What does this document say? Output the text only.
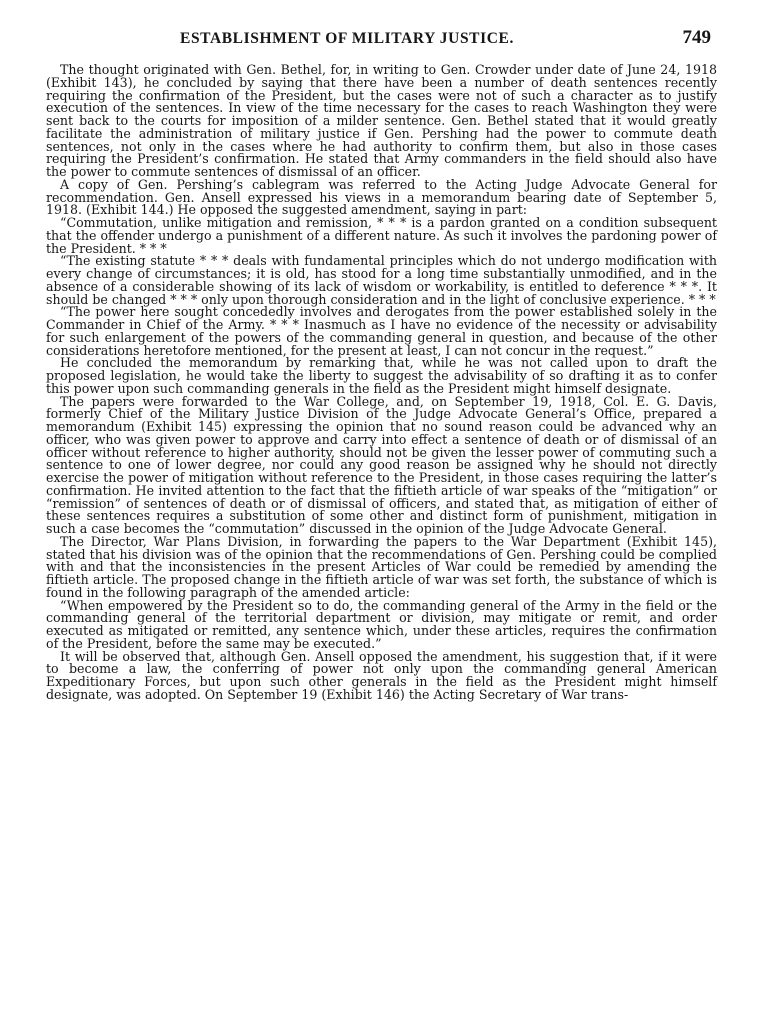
ESTABLISHMENT OF MILITARY JUSTICE.	749

The thought originated with Gen. Bethel, for, in writing to Gen. Crowder under date of June 24, 1918 (Exhibit 143), he concluded by saying that there have been a number of death sentences recently requiring the confirmation of the President, but the cases were not of such a character as to justify execution of the sentences. In view of the time necessary for the cases to reach Washington they were sent back to the courts for imposition of a milder sentence. Gen. Bethel stated that it would greatly facilitate the administration of military justice if Gen. Pershing had the power to commute death sentences, not only in the cases where he had authority to confirm them, but also in those cases requiring the President’s confirmation. He stated that Army commanders in the field should also have the power to commute sentences of dismissal of an officer.

A copy of Gen. Pershing’s cablegram was referred to the Acting Judge Advocate General for recommendation. Gen. Ansell expressed his views in a memorandum bearing date of September 5, 1918. (Exhibit 144.) He opposed the suggested amendment, saying in part:

“Commutation, unlike mitigation and remission, * * * is a pardon granted on a condition subsequent that the offender undergo a punishment of a different nature. As such it involves the pardoning power of the President. * * *

“The existing statute * * * deals with fundamental principles which do not undergo modification with every change of circumstances; it is old, has stood for a long time substantially unmodified, and in the absence of a considerable showing of its lack of wisdom or workability, is entitled to deference * * *. It should be changed * * * only upon thorough consideration and in the light of conclusive experience. * * *

“The power here sought concededly involves and derogates from the power established solely in the Commander in Chief of the Army. * * * Inasmuch as I have no evidence of the necessity or advisability for such enlargement of the powers of the commanding general in question, and because of the other considerations heretofore mentioned, for the present at least, I can not concur in the request.”

He concluded the memorandum by remarking that, while he was not called upon to draft the proposed legislation, he would take the liberty to suggest the advisability of so drafting it as to confer this power upon such commanding generals in the field as the President might himself designate.

The papers were forwarded to the War College, and, on September 19, 1918, Col. E. G. Davis, formerly Chief of the Military Justice Division of the Judge Advocate General’s Office, prepared a memorandum (Exhibit 145) expressing the opinion that no sound reason could be advanced why an officer, who was given power to approve and carry into effect a sentence of death or of dismissal of an officer without reference to higher authority, should not be given the lesser power of commuting such a sentence to one of lower degree, nor could any good reason be assigned why he should not directly exercise the power of mitigation without reference to the President, in those cases requiring the latter’s confirmation. He invited attention to the fact that the fiftieth article of war speaks of the “mitigation” or “remission” of sentences of death or of dismissal of officers, and stated that, as mitigation of either of these sentences requires a substitution of some other and distinct form of punishment, mitigation in such a case becomes the “commutation” discussed in the opinion of the Judge Advocate General.

The Director, War Plans Division, in forwarding the papers to the War Department (Exhibit 145), stated that his division was of the opinion that the recommendations of Gen. Pershing could be complied with and that the inconsistencies in the present Articles of War could be remedied by amending the fiftieth article. The proposed change in the fiftieth article of war was set forth, the substance of which is found in the following paragraph of the amended article:

“When empowered by the President so to do, the commanding general of the Army in the field or the commanding general of the territorial department or division, may mitigate or remit, and order executed as mitigated or remitted, any sentence which, under these articles, requires the confirmation of the President, before the same may be executed.”

It will be observed that, although Gen. Ansell opposed the amendment, his suggestion that, if it were to become a law, the conferring of power not only upon the commanding general American Expeditionary Forces, but upon such other generals in the field as the President might himself designate, was adopted. On September 19 (Exhibit 146) the Acting Secretary of War trans-
